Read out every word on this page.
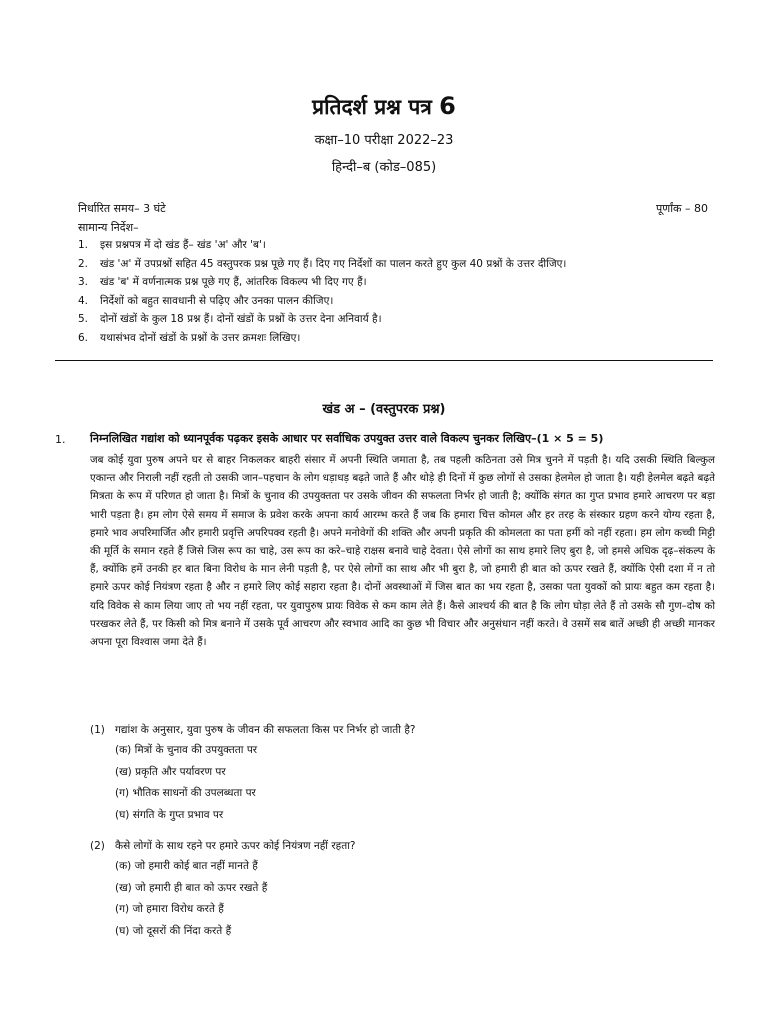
प्रतिदर्श प्रश्न पत्र 6
कक्षा–10 परीक्षा 2022–23
हिन्दी–ब (कोड–085)
निर्धारित समय– 3 घंटे	पूर्णांक – 80
सामान्य निर्देश–
1. इस प्रश्नपत्र में दो खंड हैं– खंड 'अ' और 'ब'।
2. खंड 'अ' में उपप्रश्नों सहित 45 वस्तुपरक प्रश्न पूछे गए हैं। दिए गए निर्देशों का पालन करते हुए कुल 40 प्रश्नों के उत्तर दीजिए।
3. खंड 'ब' में वर्णनात्मक प्रश्न पूछे गए हैं, आंतरिक विकल्प भी दिए गए हैं।
4. निर्देशों को बहुत सावधानी से पढ़िए और उनका पालन कीजिए।
5. दोनों खंडों के कुल 18 प्रश्न हैं। दोनों खंडों के प्रश्नों के उत्तर देना अनिवार्य है।
6. यथासंभव दोनों खंडों के प्रश्नों के उत्तर क्रमशः लिखिए।
खंड अ – (वस्तुपरक प्रश्न)
1. निम्नलिखित गद्यांश को ध्यानपूर्वक पढ़कर इसके आधार पर सर्वाधिक उपयुक्त उत्तर वाले विकल्प चुनकर लिखिए–(1 × 5 = 5)

जब कोई युवा पुरुष अपने घर से बाहर निकलकर बाहरी संसार में अपनी स्थिति जमाता है, तब पहली कठिनता उसे मित्र चुनने में पड़ती है। यदि उसकी स्थिति बिल्कुल एकान्त और निराली नहीं रहती तो उसकी जान–पहचान के लोग धड़ाधड़ बढ़ते जाते हैं और थोड़े ही दिनों में कुछ लोगों से उसका हेलमेल हो जाता है। यही हेलमेल बढ़ते बढ़ते मित्रता के रूप में परिणत हो जाता है। मित्रों के चुनाव की उपयुक्तता पर उसके जीवन की सफलता निर्भर हो जाती है; क्योंकि संगत का गुप्त प्रभाव हमारे आचरण पर बड़ा भारी पड़ता है। हम लोग ऐसे समय में समाज के प्रवेश करके अपना कार्य आरम्भ करते हैं जब कि हमारा चित्त कोमल और हर तरह के संस्कार ग्रहण करने योग्य रहता है, हमारे भाव अपरिमार्जित और हमारी प्रवृत्ति अपरिपक्व रहती है। अपने मनोवेगों की शक्ति और अपनी प्रकृति की कोमलता का पता हमीं को नहीं रहता। हम लोग कच्ची मिट्टी की मूर्ति के समान रहते हैं जिसे जिस रूप का चाहे, उस रूप का करे–चाहे राक्षस बनावे चाहे देवता। ऐसे लोगों का साथ हमारे लिए बुरा है, जो हमसे अधिक दृढ़–संकल्प के हैं, क्योंकि हमें उनकी हर बात बिना विरोध के मान लेनी पड़ती है, पर ऐसे लोगों का साथ और भी बुरा है, जो हमारी ही बात को ऊपर रखते हैं, क्योंकि ऐसी दशा में न तो हमारे ऊपर कोई नियंत्रण रहता है और न हमारे लिए कोई सहारा रहता है। दोनों अवस्थाओं में जिस बात का भय रहता है, उसका पता युवकों को प्रायः बहुत कम रहता है। यदि विवेक से काम लिया जाए तो भय नहीं रहता, पर युवापुरुष प्रायः विवेक से कम काम लेते हैं। कैसे आश्चर्य की बात है कि लोग घोड़ा लेते हैं तो उसके सौ गुण–दोष को परखकर लेते हैं, पर किसी को मित्र बनाने में उसके पूर्व आचरण और स्वभाव आदि का कुछ भी विचार और अनुसंधान नहीं करते। वे उसमें सब बातें अच्छी ही अच्छी मानकर अपना पूरा विश्वास जमा देते हैं।

(1) गद्यांश के अनुसार, युवा पुरुष के जीवन की सफलता किस पर निर्भर हो जाती है?
(क) मित्रों के चुनाव की उपयुक्तता पर
(ख) प्रकृति और पर्यावरण पर
(ग) भौतिक साधनों की उपलब्धता पर
(घ) संगति के गुप्त प्रभाव पर
(2) कैसे लोगों के साथ रहने पर हमारे ऊपर कोई नियंत्रण नहीं रहता?
(क) जो हमारी कोई बात नहीं मानते हैं
(ख) जो हमारी ही बात को ऊपर रखते हैं
(ग) जो हमारा विरोध करते हैं
(घ) जो दूसरों की निंदा करते हैं
